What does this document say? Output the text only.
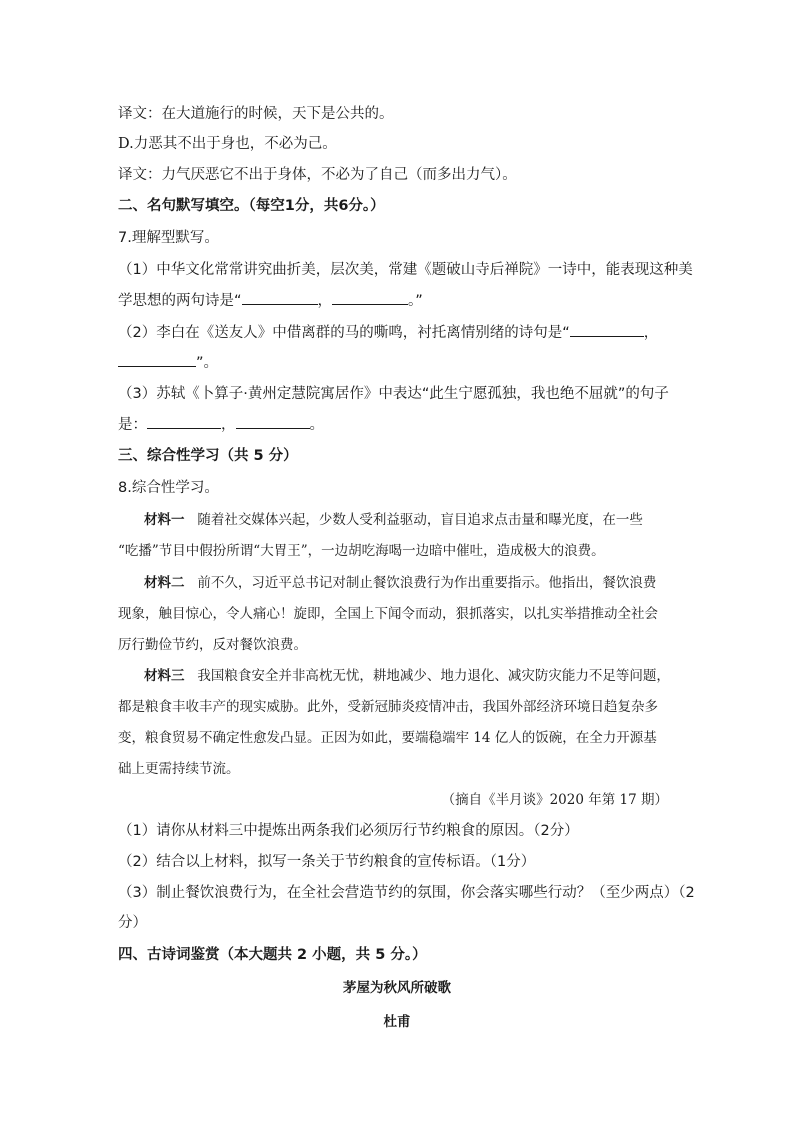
译文：在大道施行的时候，天下是公共的。
D.力恶其不出于身也，不必为己。
译文：力气厌恶它不出于身体，不必为了自己（而多出力气）。
二、名句默写填空。（每空1分，共6分。）
7.理解型默写。
（1）中华文化常常讲究曲折美，层次美，常建《题破山寺后禅院》一诗中，能表现这种美
学思想的两句诗是“	，	。”
（2）李白在《送友人》中借离群的马的嘶鸣，衬托离情别绪的诗句是“	，
”。
（3）苏轼《卜算子·黄州定慧院寓居作》中表达“此生宁愿孤独，我也绝不屈就”的句子
是：	，	。
三、综合性学习（共 5 分）
8.综合性学习。
材料一 随着社交媒体兴起，少数人受利益驱动，盲目追求点击量和曝光度，在一些
“吃播”节目中假扮所谓“大胃王”，一边胡吃海喝一边暗中催吐，造成极大的浪费。
材料二 前不久，习近平总书记对制止餐饮浪费行为作出重要指示。他指出，餐饮浪费
现象，触目惊心，令人痛心！旋即，全国上下闻令而动，狠抓落实，以扎实举措推动全社会
厉行勤俭节约，反对餐饮浪费。
材料三 我国粮食安全并非高枕无忧，耕地减少、地力退化、减灾防灾能力不足等问题，
都是粮食丰收丰产的现实威胁。此外，受新冠肺炎疫情冲击，我国外部经济环境日趋复杂多
变，粮食贸易不确定性愈发凸显。正因为如此，要端稳端牢 14 亿人的饭碗，在全力开源基
础上更需持续节流。
（摘自《半月谈》2020 年第 17 期）
（1）请你从材料三中提炼出两条我们必须厉行节约粮食的原因。（2分）
（2）结合以上材料，拟写一条关于节约粮食的宣传标语。（1分）
（3）制止餐饮浪费行为，在全社会营造节约的氛围，你会落实哪些行动？（至少两点）（2
分）
四、古诗词鉴赏（本大题共 2 小题，共 5 分。）
茅屋为秋风所破歌
杜甫
